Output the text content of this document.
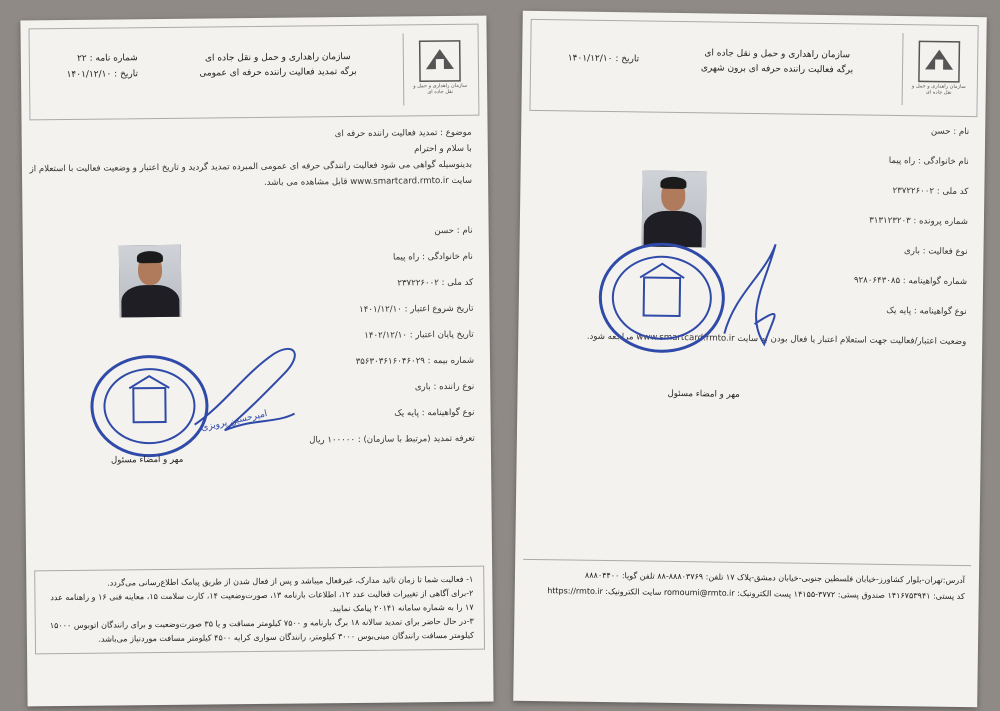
سازمان راهداری و حمل و نقل جاده ای
سازمان راهداری و حمل و نقل جاده ای
برگه تمدید فعالیت راننده حرفه ای عمومی
شماره نامه : ۲۲
تاریخ : ۱۴۰۱/۱۲/۱۰
موضوع : تمدید فعالیت راننده حرفه ای
با سلام و احترام
بدینوسیله گواهی می شود فعالیت رانندگی حرفه ای عمومی المبرده تمدید گردید و تاریخ اعتبار و وضعیت فعالیت با استعلام از
سایت www.smartcard.rmto.ir قابل مشاهده می باشد.
نام : حسن
نام خانوادگی : راه پیما
کد ملی : ۲۳۷۲۲۶۰۰۲
تاریخ شروع اعتبار : ۱۴۰۱/۱۲/۱۰
تاریخ پایان اعتبار : ۱۴۰۲/۱۲/۱۰
شماره بیمه : ۳۵۶۳۰۳۶۱۶۰۴۶۰۲۹
نوع راننده : باری
نوع گواهینامه : پایه یک
تعرفه تمدید (مرتبط با سازمان) : ۱۰۰۰۰۰ ریال
امیرحسین پرویزی
مهر و امضاء مسئول
۱- فعالیت شما تا زمان تائید مدارک، غیرفعال میباشد و پس از فعال شدن از طریق پیامک اطلاع‌رسانی می‌گردد.
۲-برای آگاهی از تغییرات فعالیت عدد ۱۲، اطلاعات بارنامه ۱۳، صورت‌وضعیت ۱۴، کارت سلامت ۱۵، معاینه فنی ۱۶ و راهنامه عدد
۱۷ را به شماره سامانه ۲۰۱۴۱ پیامک نمایید.
۳-در حال حاضر برای تمدید سالانه ۱۸ برگ بارنامه و ۷۵۰۰ کیلومتر مسافت و یا ۳۵ صورت‌وضعیت و برای رانندگان اتوبوس ۱۵۰۰۰
کیلومتر مسافت رانندگان مینی‌بوس ۳۰۰۰ کیلومتر، رانندگان سواری کرایه ۴۵۰۰ کیلومتر مسافت موردنیاز می‌باشد.
سازمان راهداری و حمل و نقل جاده ای
سازمان راهداری و حمل و نقل جاده ای
برگه فعالیت راننده حرفه ای برون شهری
تاریخ : ۱۴۰۱/۱۲/۱۰
نام : حسن
نام خانوادگی : راه پیما
کد ملی : ۲۳۷۲۲۶۰۰۲
شماره پرونده : ۳۱۳۱۲۳۲۰۳
نوع فعالیت : باری
شماره گواهینامه : ۹۲۸۰۶۴۳۰۸۵
نوع گواهینامه : پایه یک
وضعیت اعتبار/فعالیت جهت استعلام اعتبار یا فعال بودن به سایت www.smartcard.rmto.ir مراجعه شود.
مهر و امضاء مسئول
آدرس:تهران-بلوار کشاورز-خیابان فلسطین جنوبی-خیابان دمشق-پلاک ۱۷ تلفن: ۸۸۸۰۳۷۶۹-۸۸ تلفن گویا: ۸۸۸۰۴۴۰۰
کد پستی: ۱۴۱۶۷۵۳۹۴۱ صندوق پستی: ۳۷۷۲-۱۴۱۵۵ پست الکترونیک: romoumi@rmto.ir سایت الکترونیک: https://rmto.ir
